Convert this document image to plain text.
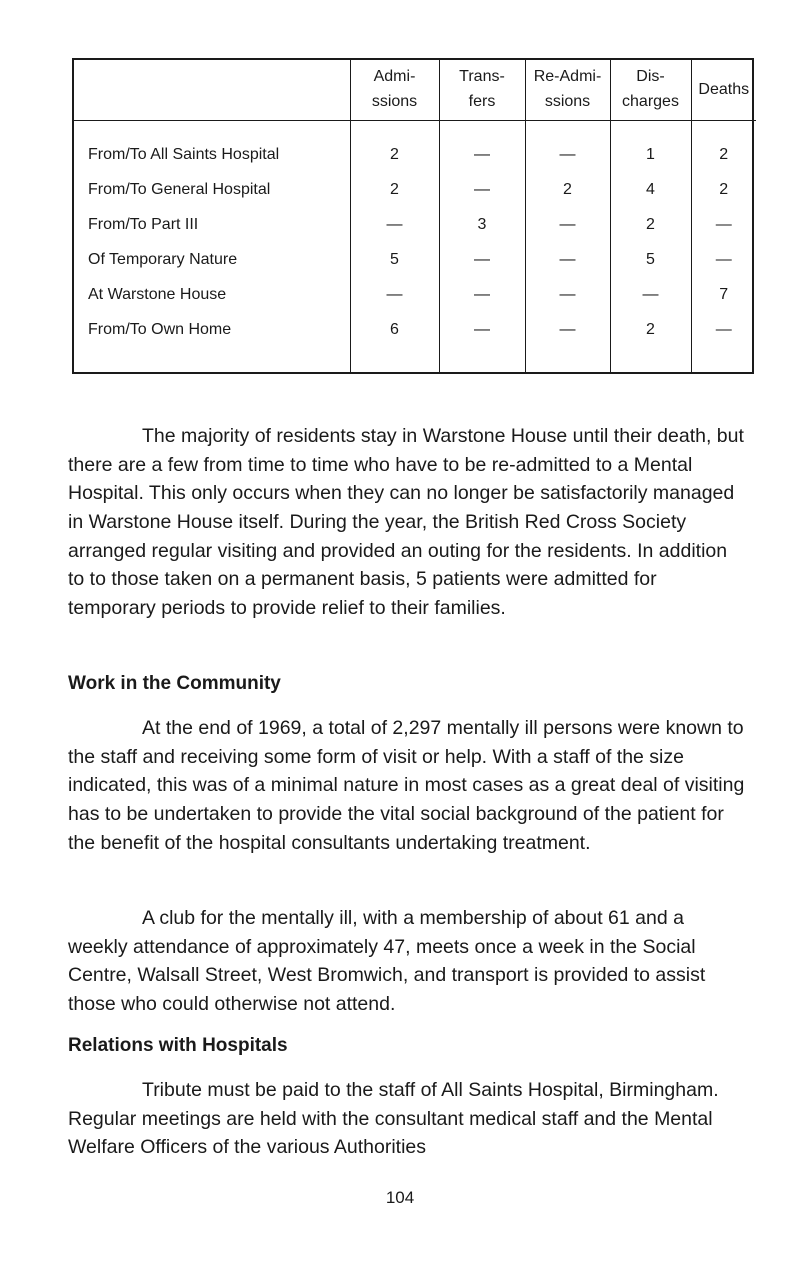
	Admi-
ssions	Trans-
fers	Re-Admi-
ssions	Dis-
charges	Deaths

From/To All Saints Hospital	2	—	—	1	2
From/To General Hospital	2	—	2	4	2
From/To Part III	—	3	—	2	—
Of Temporary Nature	5	—	—	5	—
At Warstone House	—	—	—	—	7
From/To Own Home	6	—	—	2	—

The majority of residents stay in Warstone House until their death, but there are a few from time to time who have to be re-admitted to a Mental Hospital. This only occurs when they can no longer be satisfactorily managed in Warstone House itself. During the year, the British Red Cross Society arranged regular visiting and provided an outing for the residents. In addition to to those taken on a permanent basis, 5 patients were admitted for temporary periods to provide relief to their families.

Work in the Community

At the end of 1969, a total of 2,297 mentally ill persons were known to the staff and receiving some form of visit or help. With a staff of the size indicated, this was of a minimal nature in most cases as a great deal of visiting has to be undertaken to provide the vital social background of the patient for the benefit of the hospital consultants undertaking treatment.

A club for the mentally ill, with a membership of about 61 and a weekly attendance of approximately 47, meets once a week in the Social Centre, Walsall Street, West Bromwich, and transport is provided to assist those who could otherwise not attend.

Relations with Hospitals

Tribute must be paid to the staff of All Saints Hospital, Birmingham. Regular meetings are held with the consultant medical staff and the Mental Welfare Officers of the various Authorities

104
